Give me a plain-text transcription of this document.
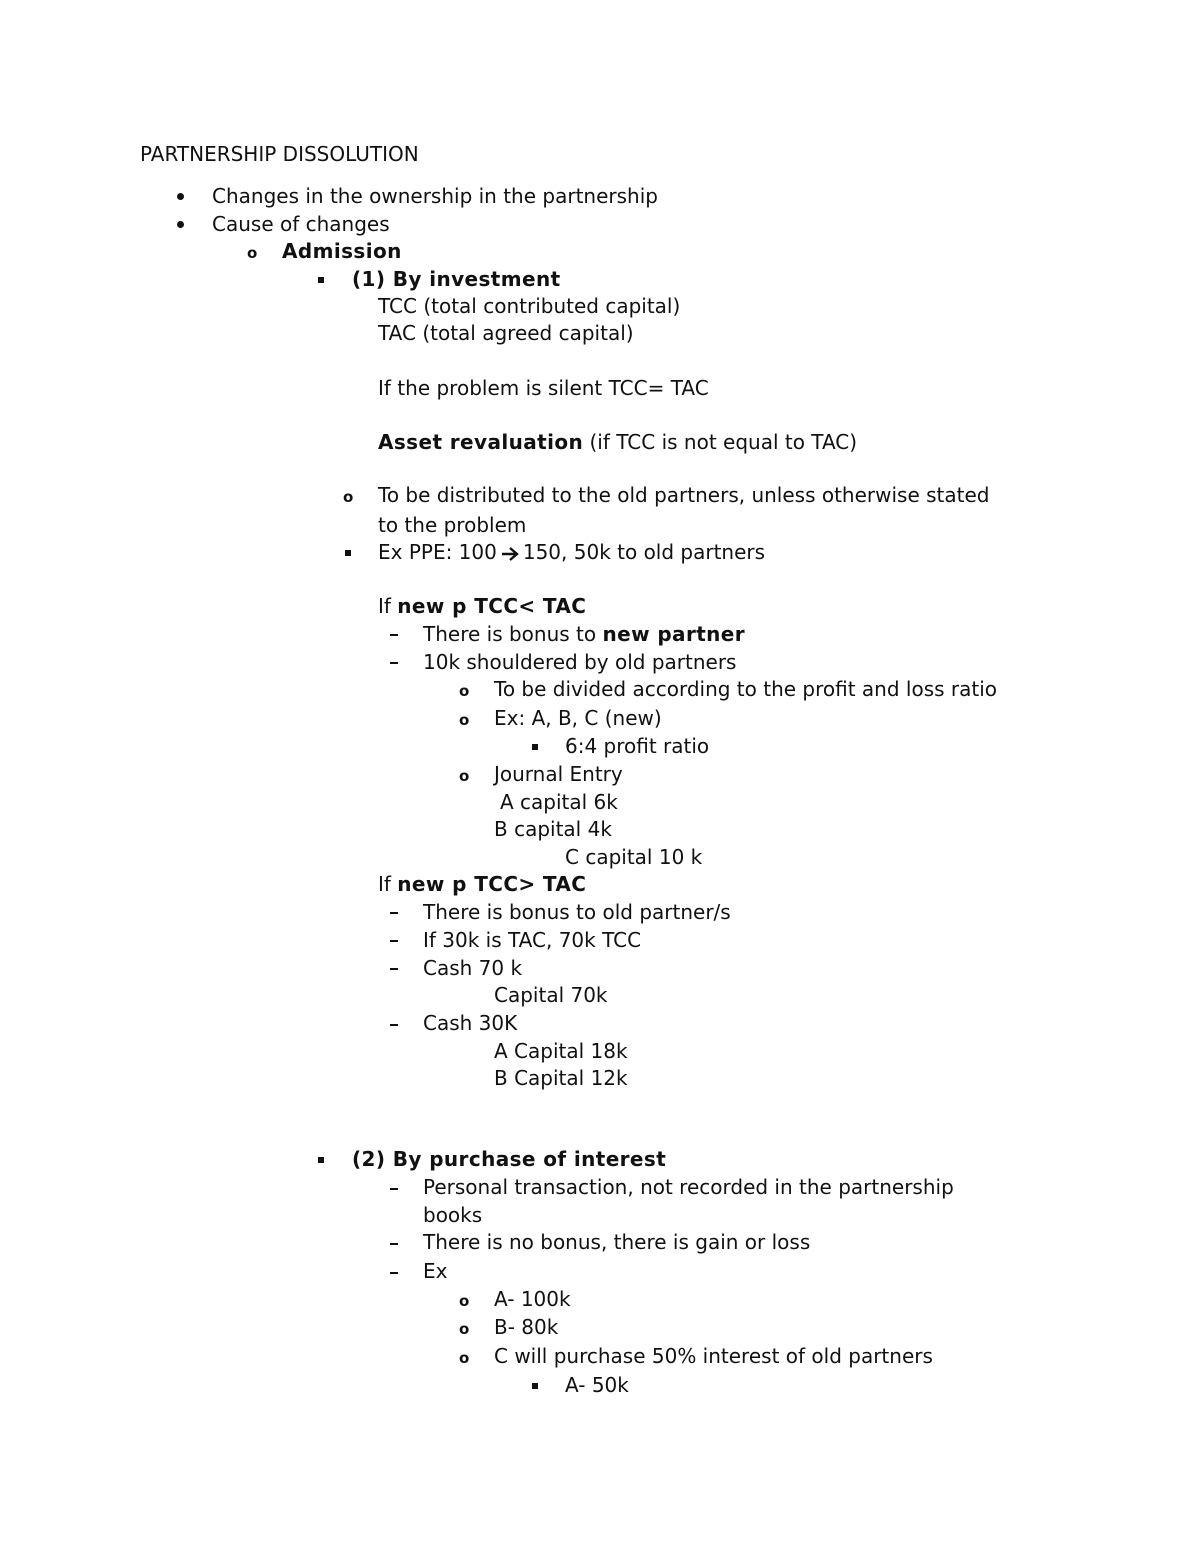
PARTNERSHIP DISSOLUTION
Changes in the ownership in the partnership
Cause of changes
o Admission
(1) By investment
TCC (total contributed capital)
TAC (total agreed capital)
If the problem is silent TCC= TAC
Asset revaluation (if TCC is not equal to TAC)
o To be distributed to the old partners, unless otherwise stated
to the problem
Ex PPE: 100 150, 50k to old partners
If new p TCC< TAC
There is bonus to new partner
10k shouldered by old partners
o To be divided according to the profit and loss ratio
o Ex: A, B, C (new)
6:4 profit ratio
o Journal Entry
A capital 6k
B capital 4k
C capital 10 k
If new p TCC> TAC
There is bonus to old partner/s
If 30k is TAC, 70k TCC
Cash 70 k
Capital 70k
Cash 30K
A Capital 18k
B Capital 12k
(2) By purchase of interest
Personal transaction, not recorded in the partnership
books
There is no bonus, there is gain or loss
Ex
o A- 100k
o B- 80k
o C will purchase 50% interest of old partners
A- 50k
